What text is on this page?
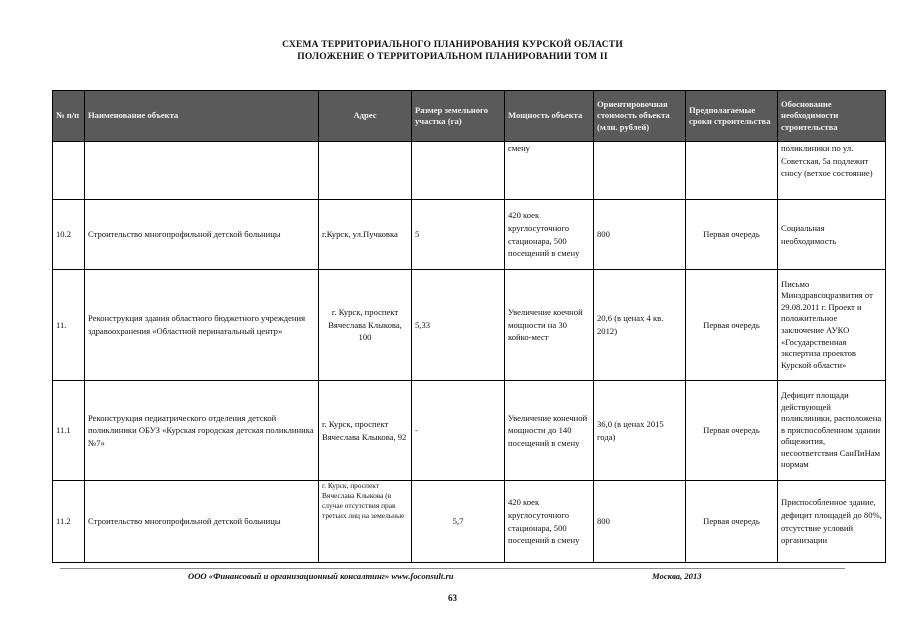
СХЕМА ТЕРРИТОРИАЛЬНОГО ПЛАНИРОВАНИЯ КУРСКОЙ ОБЛАСТИ
ПОЛОЖЕНИЕ О ТЕРРИТОРИАЛЬНОМ ПЛАНИРОВАНИИ ТОМ II
№ п/п	Наименование объекта	Адрес	Размер земельного участка (га)	Мощность объекта	Ориентировочная стоимость объекта (млн. рублей)	Предполагаемые сроки строительства	Обоснование необходимости строительства
				смену			поликлиники по ул. Советская, 5а подлежит сносу (ветхое состояние)
10.2	Строительство многопрофильной детской больницы	г.Курск, ул.Пучковка	5	420 коек круглосуточного стационара, 500 посещений в смену	800	Первая очередь	Социальная необходимость
11.	Реконструкция здания областного бюджетного учреждения здравоохранения «Областной перинатальный центр»	г. Курск, проспект Вячеслава Клыкова, 100	5,33	Увеличение коечной мощности на 30 койко-мест	20,6 (в ценах 4 кв. 2012)	Первая очередь	Письмо Минздравсоцразвития от 29.08.2011 г. Проект и положительное заключение АУКО «Государственная экспертиза проектов Курской области»
11.1	Реконструкция педиатрического отделения детской поликлиники ОБУЗ «Курская городская детская поликлиника №7»	г. Курск, проспект Вячеслава Клыкова, 92	-	Увеличение конечной мощности до 140 посещений в смену	36,0 (в ценах 2015 года)	Первая очередь	Дефицит площади действующей поликлиники, расположена в приспособленном здании общежития, несоответствия СанПиНам нормам
11.2	Строительство многопрофильной детской больницы	г. Курск, проспект Вячеслава Клыкова (в случае отсутствия прав третьих лиц на земельные	5,7	420 коек круглосуточного стационара, 500 посещений в смену	800	Первая очередь	Приспособленное здание, дефицит площадей до 80%, отсутствие условий организации
ООО «Финансовый и организационный консалтинг» www.foconsult.ru	Москва, 2013
63
